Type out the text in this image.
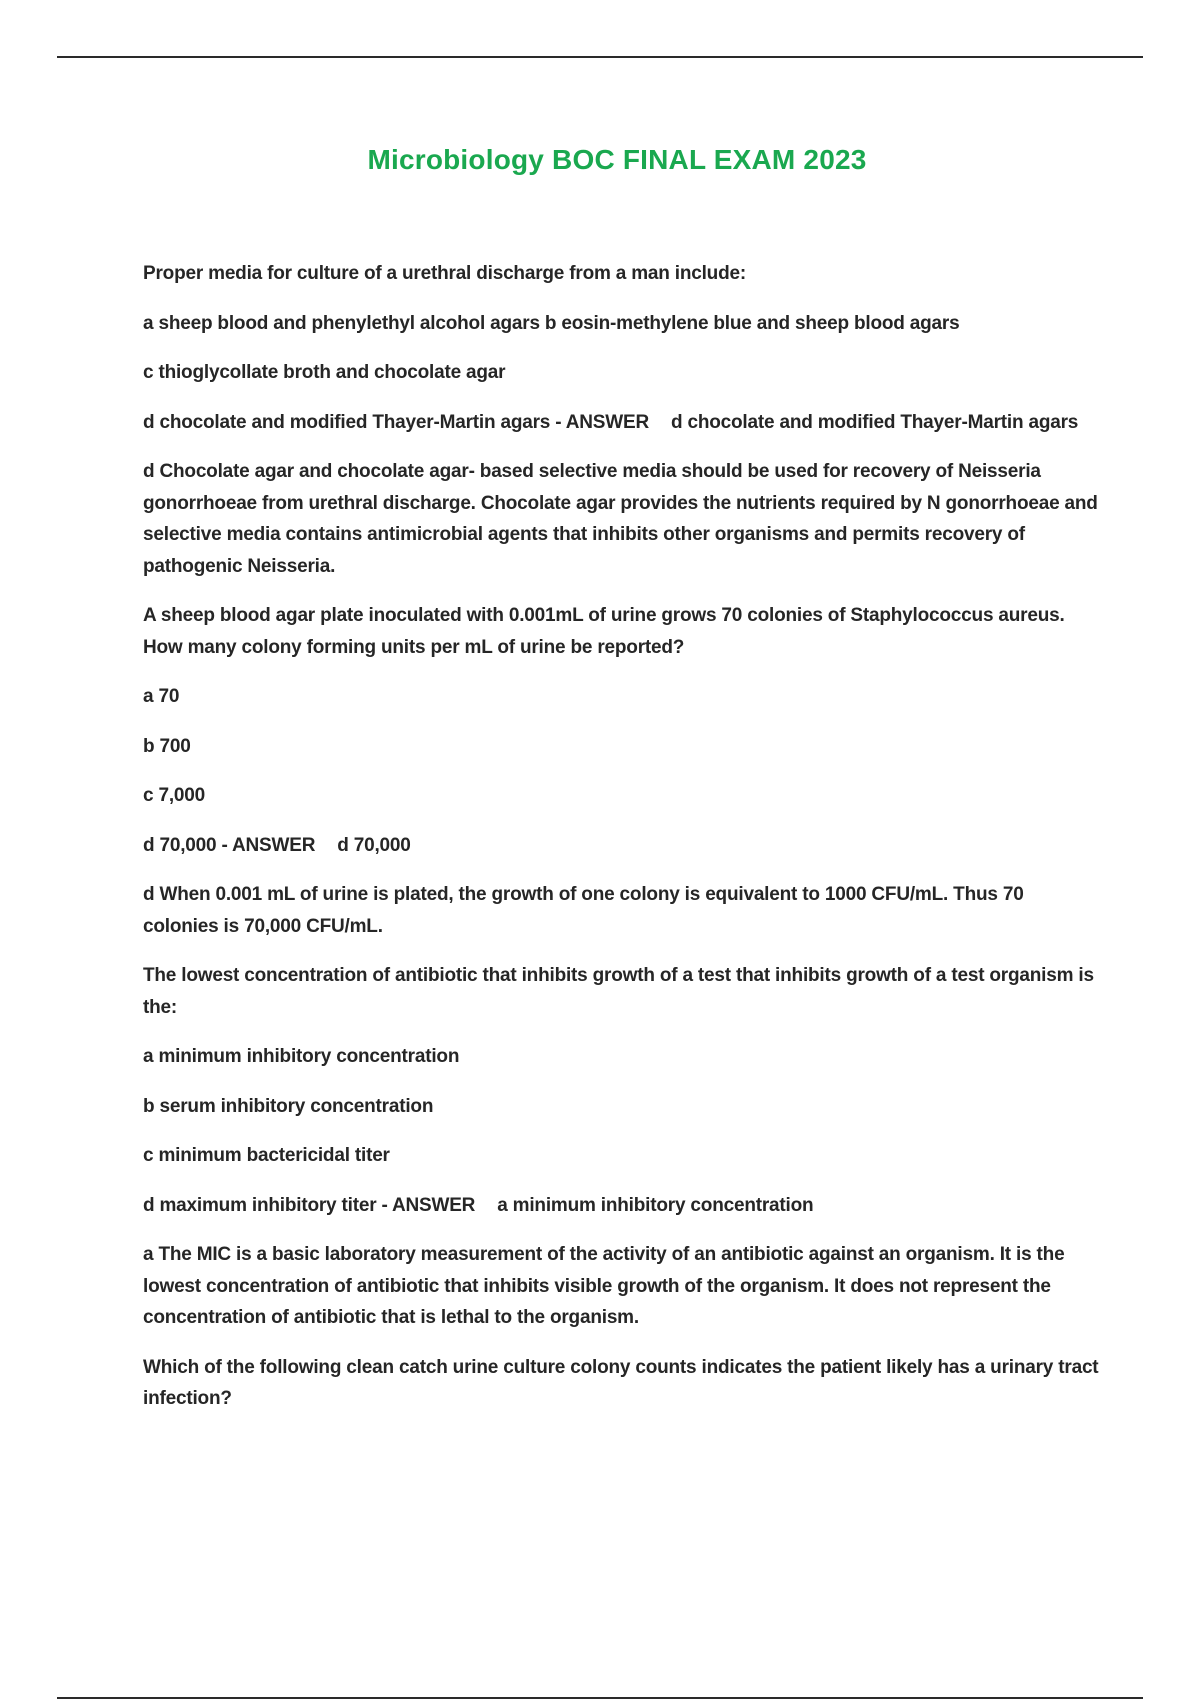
Microbiology BOC FINAL EXAM 2023

Proper media for culture of a urethral discharge from a man include:

a sheep blood and phenylethyl alcohol agars b eosin-methylene blue and sheep blood agars

c thioglycollate broth and chocolate agar

d chocolate and modified Thayer-Martin agars - ANSWER d chocolate and modified Thayer-Martin agars

d Chocolate agar and chocolate agar- based selective media should be used for recovery of Neisseria gonorrhoeae from urethral discharge. Chocolate agar provides the nutrients required by N gonorrhoeae and selective media contains antimicrobial agents that inhibits other organisms and permits recovery of pathogenic Neisseria.

A sheep blood agar plate inoculated with 0.001mL of urine grows 70 colonies of Staphylococcus aureus. How many colony forming units per mL of urine be reported?

a 70

b 700

c 7,000

d 70,000 - ANSWER d 70,000

d When 0.001 mL of urine is plated, the growth of one colony is equivalent to 1000 CFU/mL. Thus 70 colonies is 70,000 CFU/mL.

The lowest concentration of antibiotic that inhibits growth of a test that inhibits growth of a test organism is the:

a minimum inhibitory concentration

b serum inhibitory concentration

c minimum bactericidal titer

d maximum inhibitory titer - ANSWER a minimum inhibitory concentration

a The MIC is a basic laboratory measurement of the activity of an antibiotic against an organism. It is the lowest concentration of antibiotic that inhibits visible growth of the organism. It does not represent the concentration of antibiotic that is lethal to the organism.

Which of the following clean catch urine culture colony counts indicates the patient likely has a urinary tract infection?
